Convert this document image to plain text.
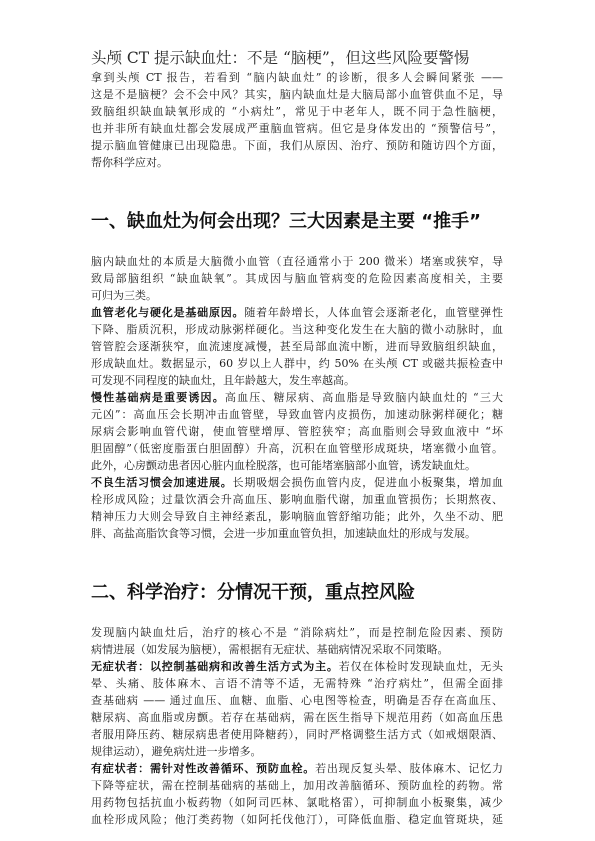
头颅 CT 提示缺血灶：不是 “脑梗”，但这些风险要警惕
拿到头颅 CT 报告，若看到 “脑内缺血灶” 的诊断，很多人会瞬间紧张 ——
这是不是脑梗？会不会中风？其实，脑内缺血灶是大脑局部小血管供血不足，导
致脑组织缺血缺氧形成的 “小病灶”，常见于中老年人，既不同于急性脑梗，
也并非所有缺血灶都会发展成严重脑血管病。但它是身体发出的 “预警信号”，
提示脑血管健康已出现隐患。下面，我们从原因、治疗、预防和随访四个方面，
帮你科学应对。
一、缺血灶为何会出现？三大因素是主要 “推手”
脑内缺血灶的本质是大脑微小血管（直径通常小于 200 微米）堵塞或狭窄，导
致局部脑组织 “缺血缺氧”。其成因与脑血管病变的危险因素高度相关，主要
可归为三类。
血管老化与硬化是基础原因。随着年龄增长，人体血管会逐渐老化，血管壁弹性
下降、脂质沉积，形成动脉粥样硬化。当这种变化发生在大脑的微小动脉时，血
管管腔会逐渐狭窄，血流速度减慢，甚至局部血流中断，进而导致脑组织缺血，
形成缺血灶。数据显示，60 岁以上人群中，约 50% 在头颅 CT 或磁共振检查中
可发现不同程度的缺血灶，且年龄越大，发生率越高。
慢性基础病是重要诱因。高血压、糖尿病、高血脂是导致脑内缺血灶的 “三大
元凶”：高血压会长期冲击血管壁，导致血管内皮损伤，加速动脉粥样硬化；糖
尿病会影响血管代谢，使血管壁增厚、管腔狭窄；高血脂则会导致血液中 “坏
胆固醇”（低密度脂蛋白胆固醇）升高，沉积在血管壁形成斑块，堵塞微小血管。
此外，心房颤动患者因心脏内血栓脱落，也可能堵塞脑部小血管，诱发缺血灶。
不良生活习惯会加速进展。长期吸烟会损伤血管内皮，促进血小板聚集，增加血
栓形成风险；过量饮酒会升高血压、影响血脂代谢，加重血管损伤；长期熬夜、
精神压力大则会导致自主神经紊乱，影响脑血管舒缩功能；此外，久坐不动、肥
胖、高盐高脂饮食等习惯，会进一步加重血管负担，加速缺血灶的形成与发展。
二、科学治疗：分情况干预，重点控风险
发现脑内缺血灶后，治疗的核心不是 “消除病灶”，而是控制危险因素、预防
病情进展（如发展为脑梗），需根据有无症状、基础病情况采取不同策略。
无症状者：以控制基础病和改善生活方式为主。若仅在体检时发现缺血灶，无头
晕、头痛、肢体麻木、言语不清等不适，无需特殊 “治疗病灶”，但需全面排
查基础病 —— 通过血压、血糖、血脂、心电图等检查，明确是否存在高血压、
糖尿病、高血脂或房颤。若存在基础病，需在医生指导下规范用药（如高血压患
者服用降压药、糖尿病患者使用降糖药），同时严格调整生活方式（如戒烟限酒、
规律运动），避免病灶进一步增多。
有症状者：需针对性改善循环、预防血栓。若出现反复头晕、肢体麻木、记忆力
下降等症状，需在控制基础病的基础上，加用改善脑循环、预防血栓的药物。常
用药物包括抗血小板药物（如阿司匹林、氯吡格雷），可抑制血小板聚集，减少
血栓形成风险；他汀类药物（如阿托伐他汀），可降低血脂、稳定血管斑块，延
